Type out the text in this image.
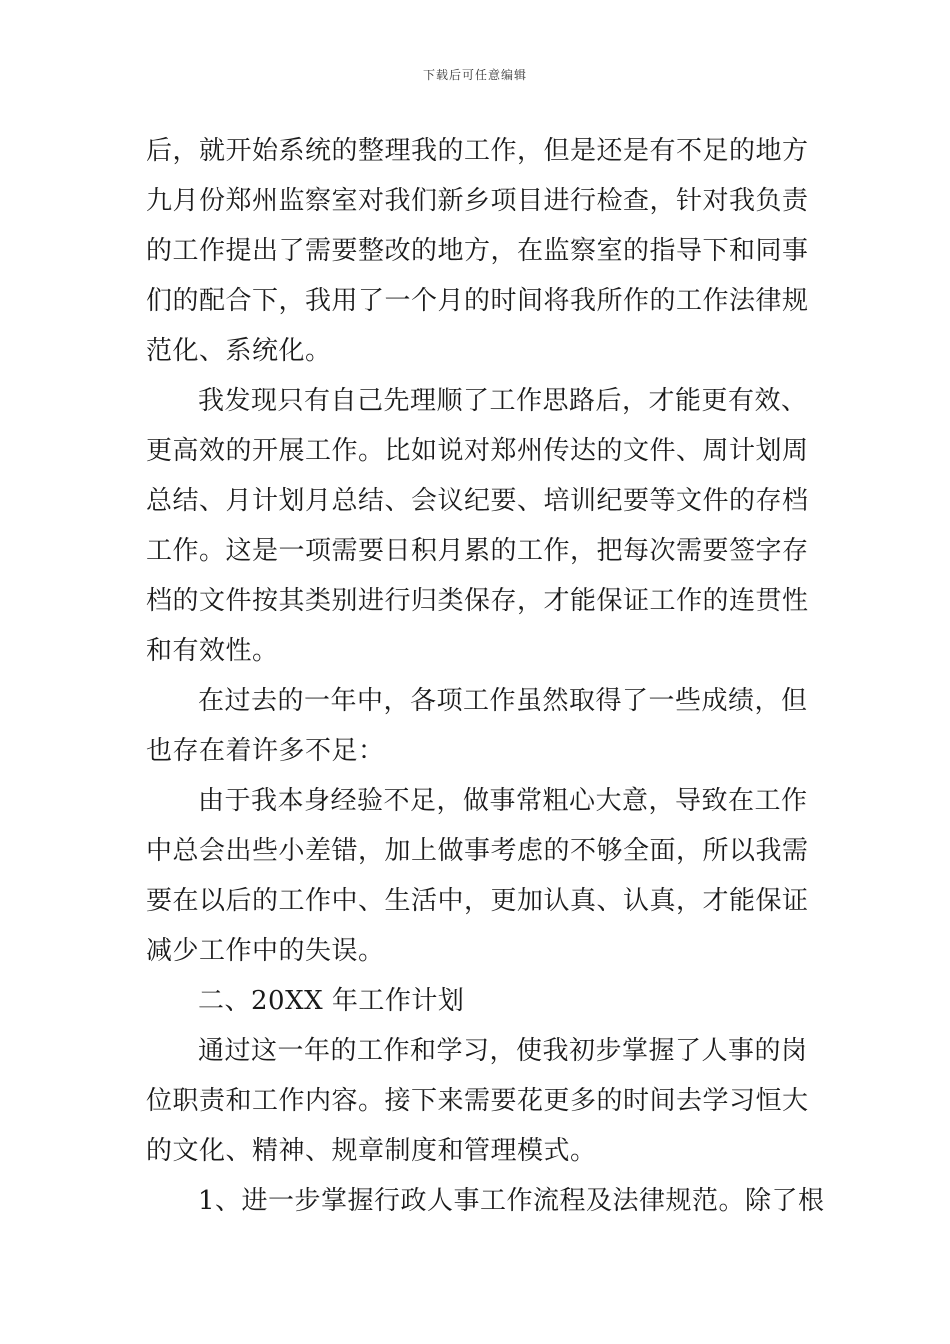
下载后可任意编辑
后，就开始系统的整理我的工作，但是还是有不足的地方
九月份郑州监察室对我们新乡项目进行检查，针对我负责
的工作提出了需要整改的地方，在监察室的指导下和同事
们的配合下，我用了一个月的时间将我所作的工作法律规
范化、系统化。
我发现只有自己先理顺了工作思路后，才能更有效、
更高效的开展工作。比如说对郑州传达的文件、周计划周
总结、月计划月总结、会议纪要、培训纪要等文件的存档
工作。这是一项需要日积月累的工作，把每次需要签字存
档的文件按其类别进行归类保存，才能保证工作的连贯性
和有效性。
在过去的一年中，各项工作虽然取得了一些成绩，但
也存在着许多不足：
由于我本身经验不足，做事常粗心大意，导致在工作
中总会出些小差错，加上做事考虑的不够全面，所以我需
要在以后的工作中、生活中，更加认真、认真，才能保证
减少工作中的失误。
二、20XX 年工作计划
通过这一年的工作和学习，使我初步掌握了人事的岗
位职责和工作内容。接下来需要花更多的时间去学习恒大
的文化、精神、规章制度和管理模式。
1、进一步掌握行政人事工作流程及法律规范。除了根
